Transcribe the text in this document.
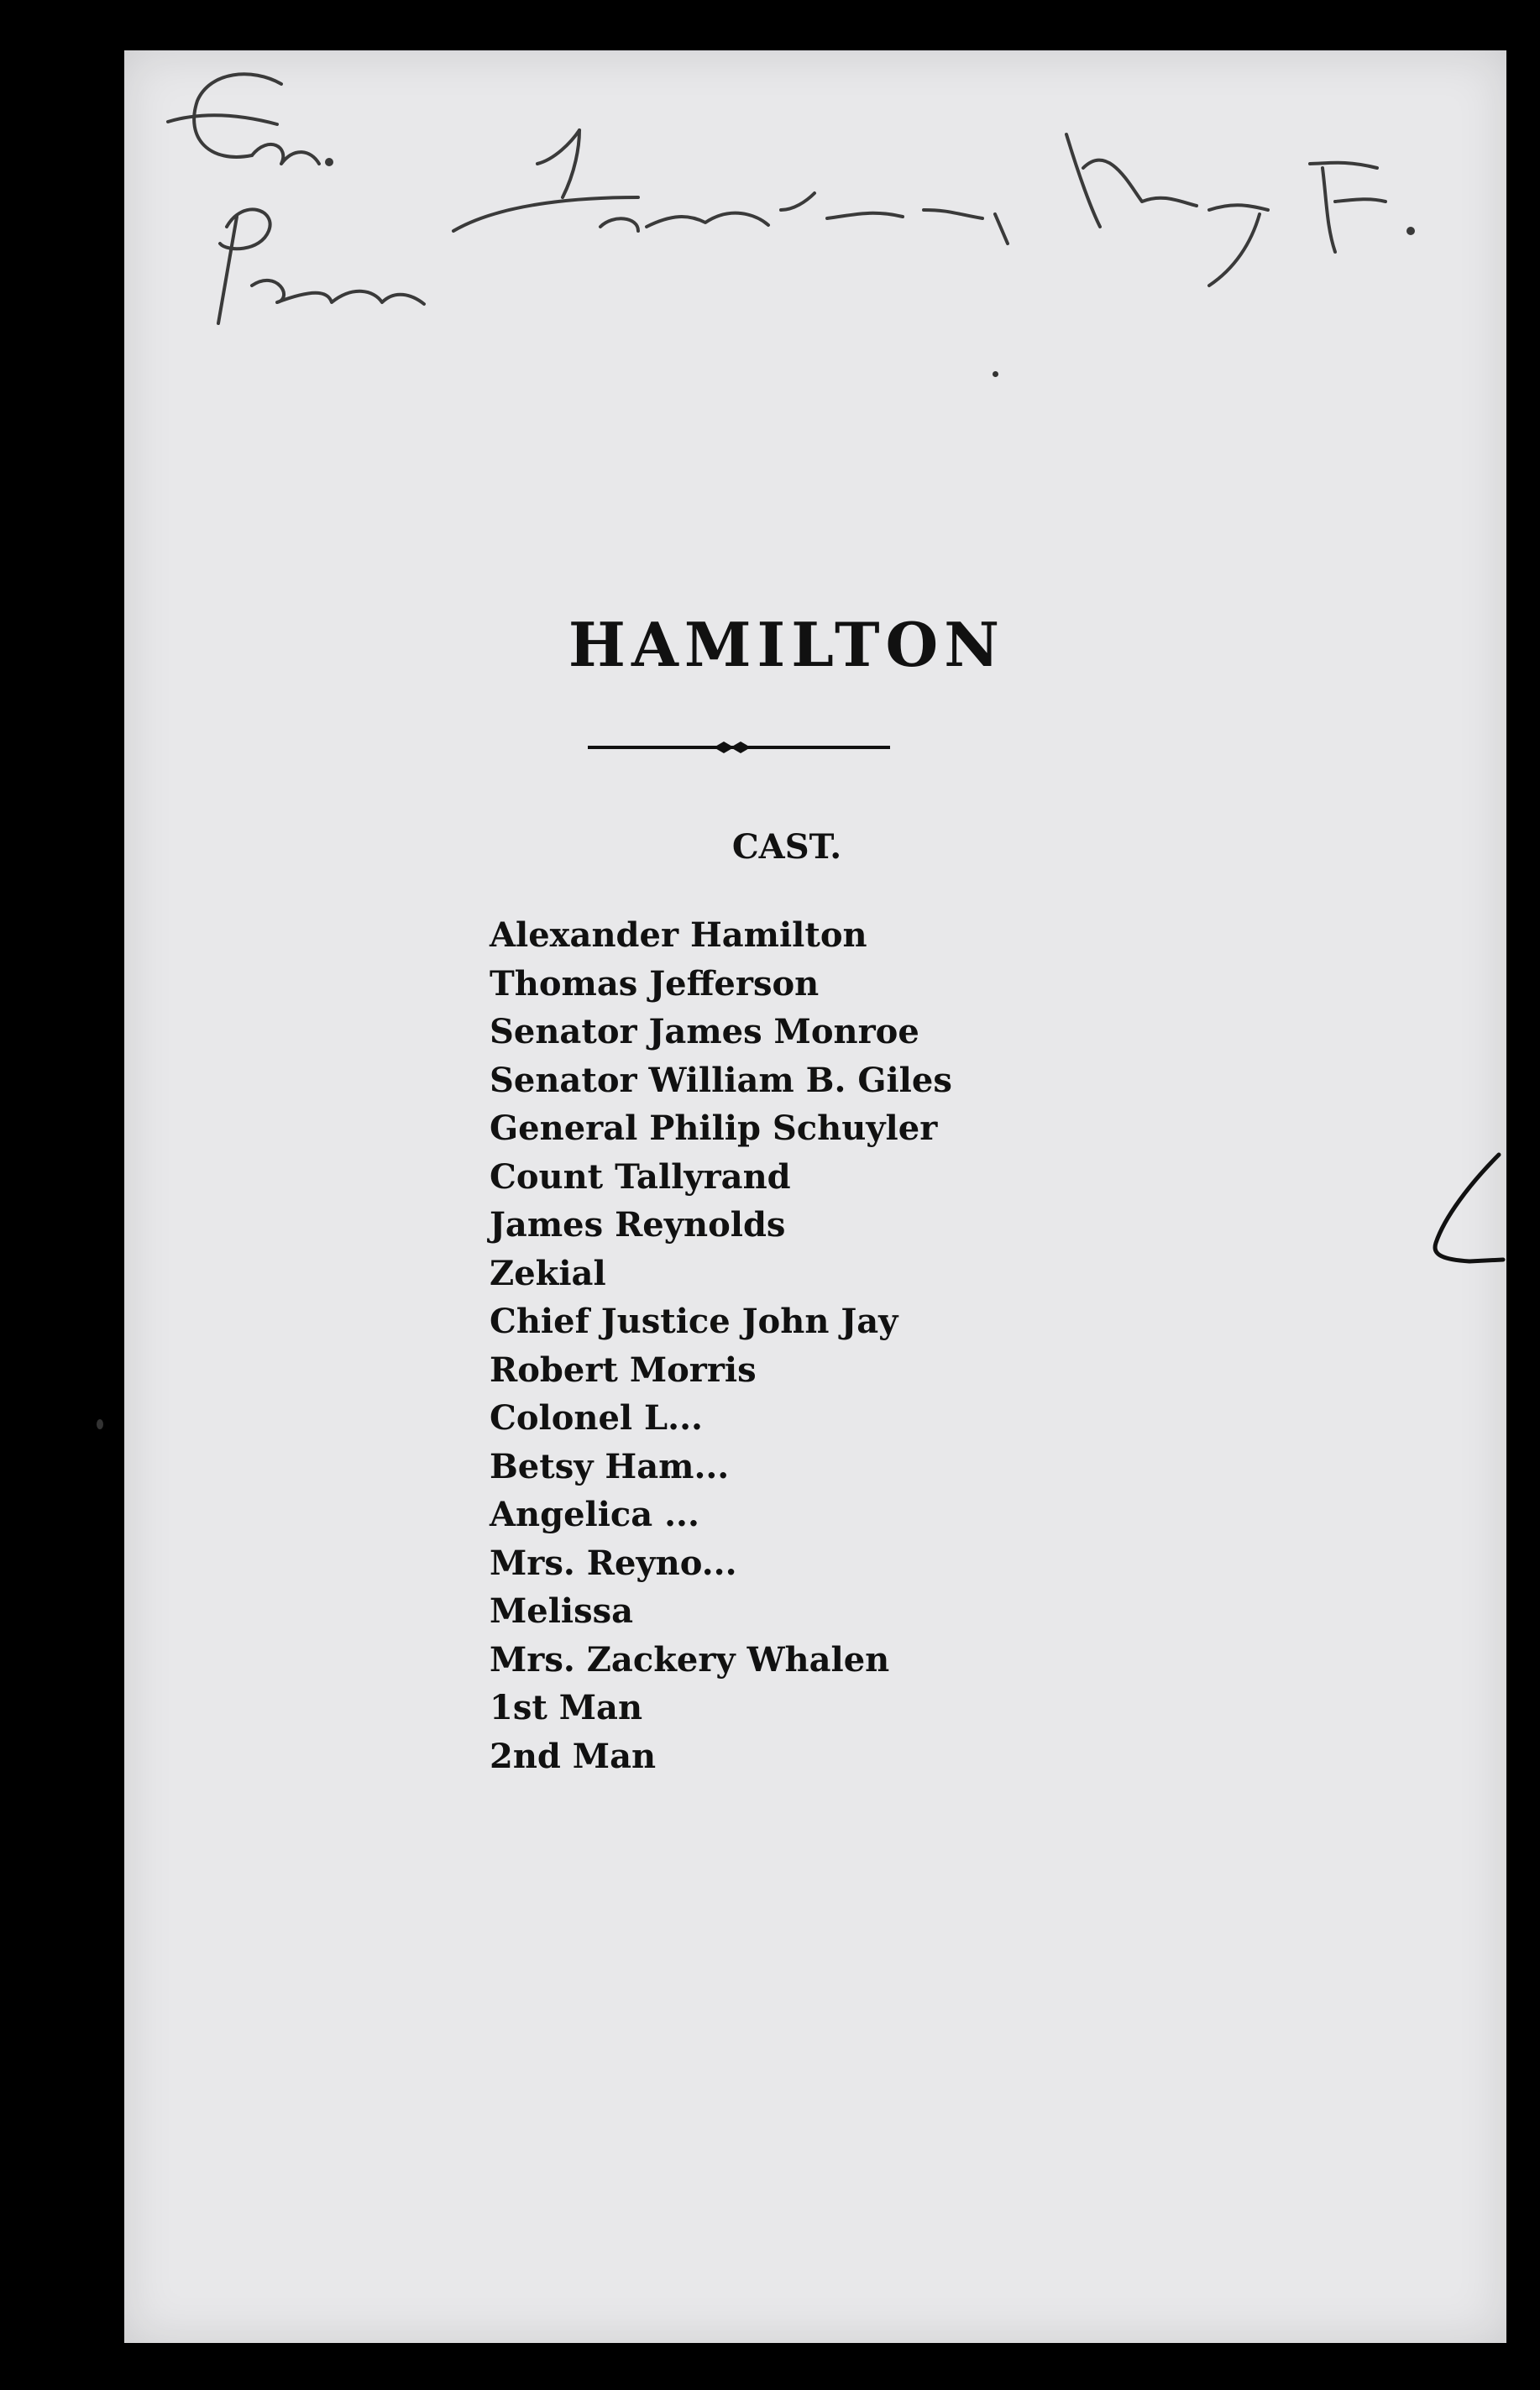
HAMILTON
CAST.
Alexander Hamilton
Thomas Jefferson
Senator James Monroe
Senator William B. Giles
General Philip Schuyler
Count Tallyrand
James Reynolds
Zekial
Chief Justice John Jay
Robert Morris
Colonel L...
Betsy Ham...
Angelica ...
Mrs. Reyno...
Melissa
Mrs. Zackery Whalen
1st Man
2nd Man
